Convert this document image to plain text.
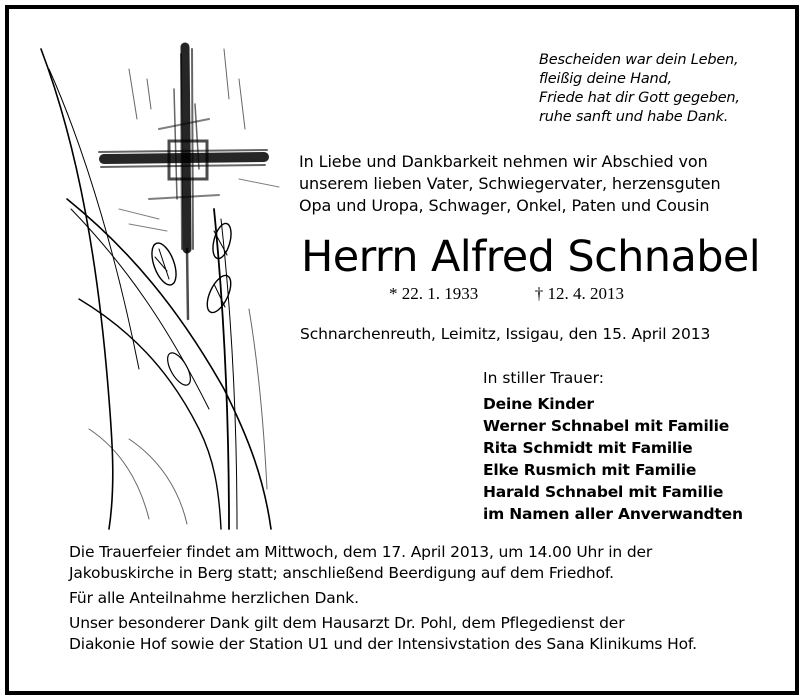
Bescheiden war dein Leben,
fleißig deine Hand,
Friede hat dir Gott gegeben,
ruhe sanft und habe Dank.
In Liebe und Dankbarkeit nehmen wir Abschied von
unserem lieben Vater, Schwiegervater, herzensguten
Opa und Uropa, Schwager, Onkel, Paten und Cousin
Herrn Alfred Schnabel
* 22. 1. 1933	† 12. 4. 2013
Schnarchenreuth, Leimitz, Issigau, den 15. April 2013
In stiller Trauer:
Deine Kinder
Werner Schnabel mit Familie
Rita Schmidt mit Familie
Elke Rusmich mit Familie
Harald Schnabel mit Familie
im Namen aller Anverwandten
Die Trauerfeier findet am Mittwoch, dem 17. April 2013, um 14.00 Uhr in der
Jakobuskirche in Berg statt; anschließend Beerdigung auf dem Friedhof.
Für alle Anteilnahme herzlichen Dank.
Unser besonderer Dank gilt dem Hausarzt Dr. Pohl, dem Pflegedienst der
Diakonie Hof sowie der Station U1 und der Intensivstation des Sana Klinikums Hof.
